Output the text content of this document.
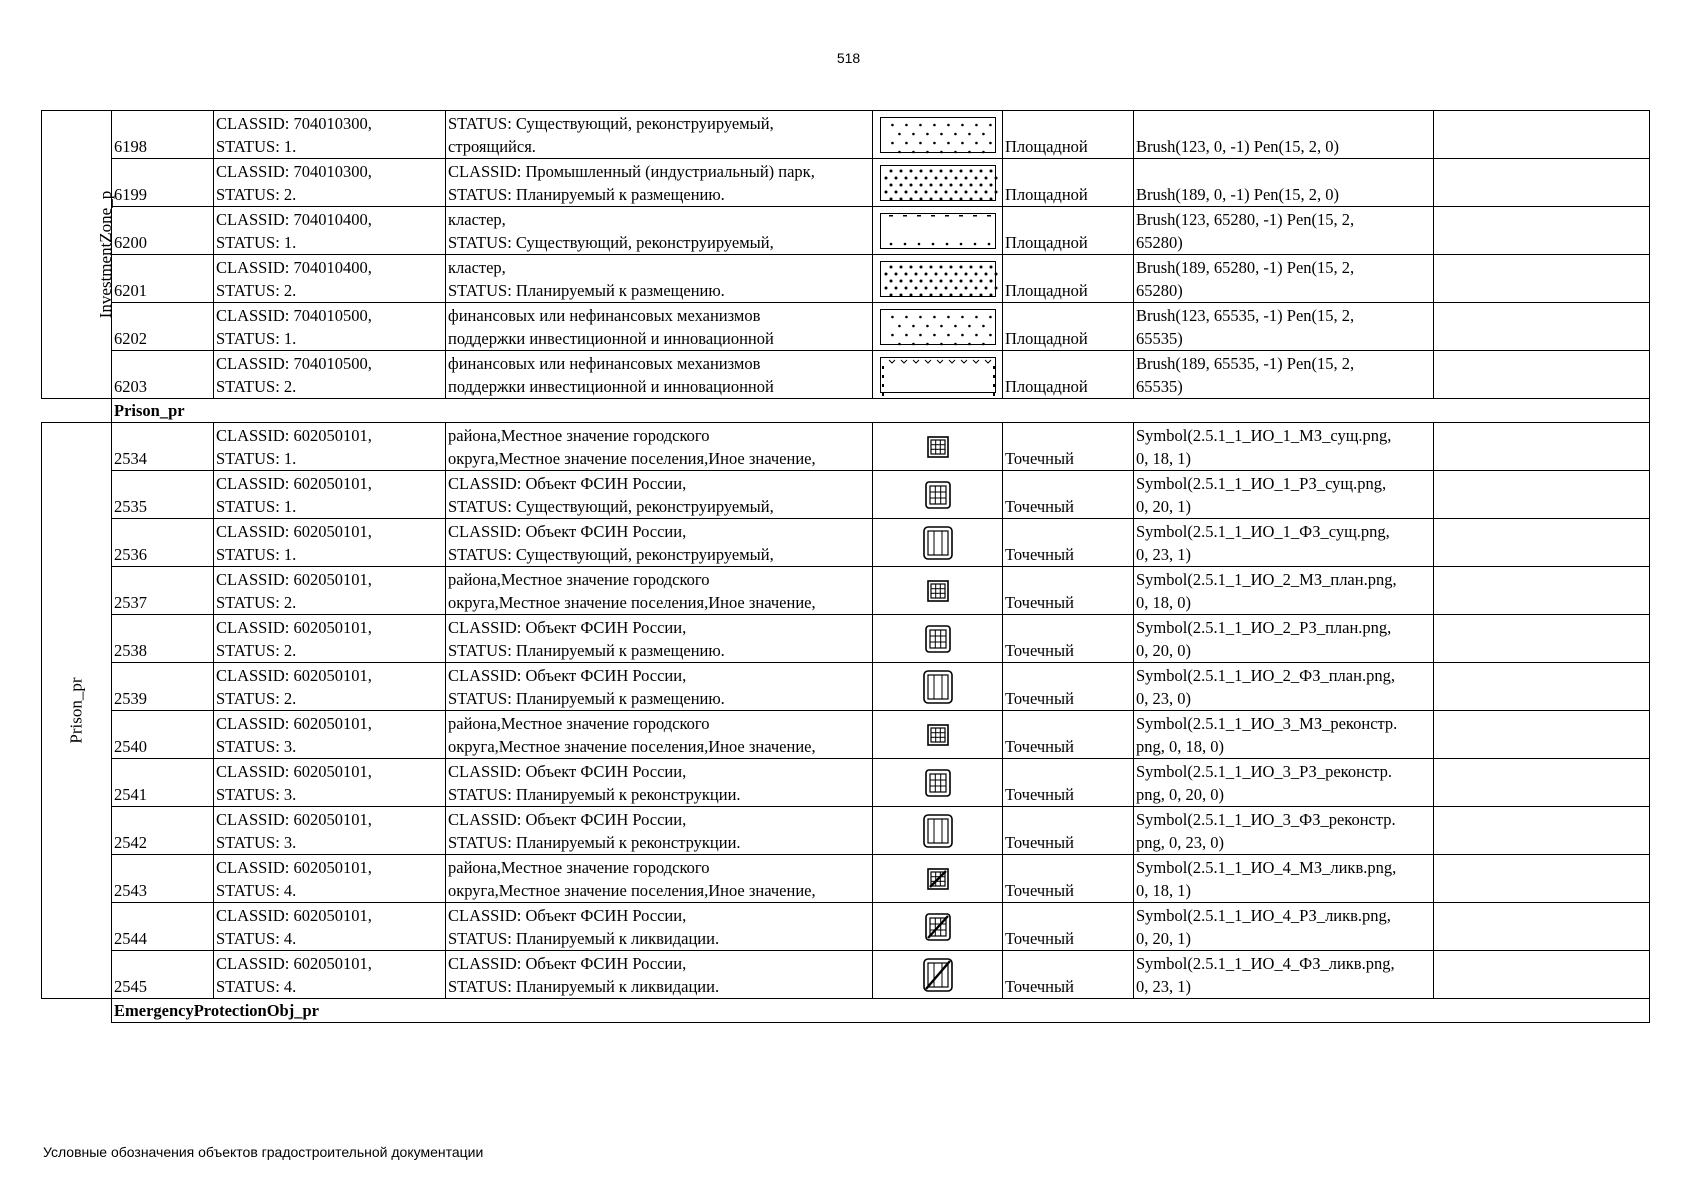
518
InvestmentZone_p	6198	CLASSID: 704010300,
STATUS: 1.	STATUS: Существующий, реконструируемый,
строящийся.		Площадной	Brush(123, 0, -1) Pen(15, 2, 0)

	6199	CLASSID: 704010300,
STATUS: 2.	CLASSID: Промышленный (индустриальный) парк,
STATUS: Планируемый к размещению.		Площадной	Brush(189, 0, -1) Pen(15, 2, 0)

	6200	CLASSID: 704010400,
STATUS: 1.	кластер,
STATUS: Существующий, реконструируемый,		Площадной	Brush(123, 65280, -1) Pen(15, 2,
65280)	
	6201	CLASSID: 704010400,
STATUS: 2.	кластер,
STATUS: Планируемый к размещению.		Площадной	Brush(189, 65280, -1) Pen(15, 2,
65280)	
	6202	CLASSID: 704010500,
STATUS: 1.	финансовых или нефинансовых механизмов
поддержки инвестиционной и инновационной		Площадной	Brush(123, 65535, -1) Pen(15, 2,
65535)	
	6203	CLASSID: 704010500,
STATUS: 2.	финансовых или нефинансовых механизмов
поддержки инвестиционной и инновационной		Площадной	Brush(189, 65535, -1) Pen(15, 2,
65535)	
	Prison_pr						
Prison_pr	2534	CLASSID: 602050101,
STATUS: 1.	района,Местное значение городского
округа,Местное значение поселения,Иное значение,		Точечный	Symbol(2.5.1_1_ИО_1_МЗ_сущ.png,
0, 18, 1)	
	2535	CLASSID: 602050101,
STATUS: 1.	CLASSID: Объект ФСИН России,
STATUS: Существующий, реконструируемый,		Точечный	Symbol(2.5.1_1_ИО_1_РЗ_сущ.png,
0, 20, 1)	
	2536	CLASSID: 602050101,
STATUS: 1.	CLASSID: Объект ФСИН России,
STATUS: Существующий, реконструируемый,		Точечный	Symbol(2.5.1_1_ИО_1_ФЗ_сущ.png,
0, 23, 1)	
	2537	CLASSID: 602050101,
STATUS: 2.	района,Местное значение городского
округа,Местное значение поселения,Иное значение,		Точечный	Symbol(2.5.1_1_ИО_2_МЗ_план.png,
0, 18, 0)	
	2538	CLASSID: 602050101,
STATUS: 2.	CLASSID: Объект ФСИН России,
STATUS: Планируемый к размещению.		Точечный	Symbol(2.5.1_1_ИО_2_РЗ_план.png,
0, 20, 0)	
	2539	CLASSID: 602050101,
STATUS: 2.	CLASSID: Объект ФСИН России,
STATUS: Планируемый к размещению.		Точечный	Symbol(2.5.1_1_ИО_2_ФЗ_план.png,
0, 23, 0)	
	2540	CLASSID: 602050101,
STATUS: 3.	района,Местное значение городского
округа,Местное значение поселения,Иное значение,		Точечный	Symbol(2.5.1_1_ИО_3_МЗ_реконстр.
png, 0, 18, 0)	
	2541	CLASSID: 602050101,
STATUS: 3.	CLASSID: Объект ФСИН России,
STATUS: Планируемый к реконструкции.		Точечный	Symbol(2.5.1_1_ИО_3_РЗ_реконстр.
png, 0, 20, 0)	
	2542	CLASSID: 602050101,
STATUS: 3.	CLASSID: Объект ФСИН России,
STATUS: Планируемый к реконструкции.		Точечный	Symbol(2.5.1_1_ИО_3_ФЗ_реконстр.
png, 0, 23, 0)	
	2543	CLASSID: 602050101,
STATUS: 4.	района,Местное значение городского
округа,Местное значение поселения,Иное значение,		Точечный	Symbol(2.5.1_1_ИО_4_МЗ_ликв.png,
0, 18, 1)	
	2544	CLASSID: 602050101,
STATUS: 4.	CLASSID: Объект ФСИН России,
STATUS: Планируемый к ликвидации.		Точечный	Symbol(2.5.1_1_ИО_4_РЗ_ликв.png,
0, 20, 1)	
	2545	CLASSID: 602050101,
STATUS: 4.	CLASSID: Объект ФСИН России,
STATUS: Планируемый к ликвидации.		Точечный	Symbol(2.5.1_1_ИО_4_ФЗ_ликв.png,
0, 23, 1)	
	EmergencyProtectionObj_pr						
Условные обозначения объектов градостроительной документации
